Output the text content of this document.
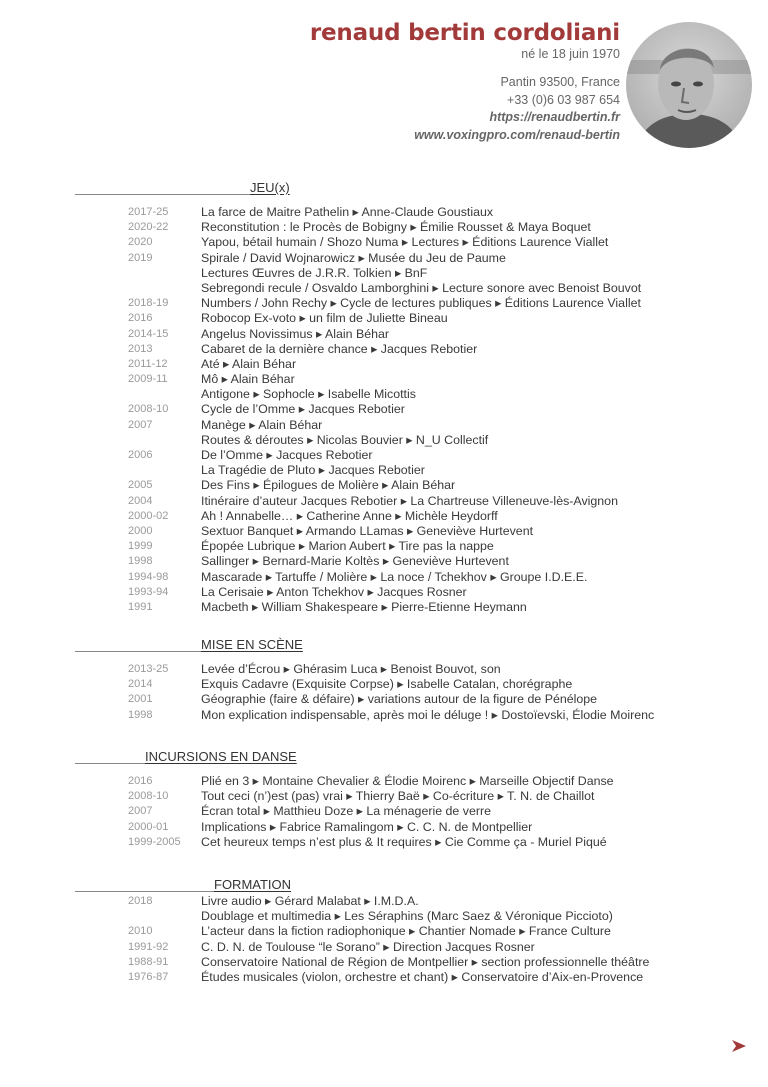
renaud bertin cordoliani
né le 18 juin 1970
Pantin 93500, France
+33 (0)6 03 987 654
https://renaudbertin.fr
www.voxingpro.com/renaud-bertin
JEU(x)
2017-25	La farce de Maitre Pathelin ▸ Anne-Claude Goustiaux
2020-22	Reconstitution : le Procès de Bobigny ▸ Émilie Rousset & Maya Boquet
2020	Yapou, bétail humain / Shozo Numa ▸ Lectures ▸ Éditions Laurence Viallet
2019	Spirale / David Wojnarowicz ▸ Musée du Jeu de Paume
Lectures Œuvres de J.R.R. Tolkien ▸ BnF
Sebregondi recule / Osvaldo Lamborghini ▸ Lecture sonore avec Benoist Bouvot
2018-19	Numbers / John Rechy ▸ Cycle de lectures publiques ▸ Éditions Laurence Viallet
2016	Robocop Ex-voto ▸ un film de Juliette Bineau
2014-15	Angelus Novissimus ▸ Alain Béhar
2013	Cabaret de la dernière chance ▸ Jacques Rebotier
2011-12	Até ▸ Alain Béhar
2009-11	Mô ▸ Alain Béhar
Antigone ▸ Sophocle ▸ Isabelle Micottis
2008-10	Cycle de l’Omme ▸ Jacques Rebotier
2007	Manège ▸ Alain Béhar
Routes & déroutes ▸ Nicolas Bouvier ▸ N_U Collectif
2006	De l’Omme ▸ Jacques Rebotier
La Tragédie de Pluto ▸ Jacques Rebotier
2005	Des Fins ▸ Épilogues de Molière ▸ Alain Béhar
2004	Itinéraire d’auteur Jacques Rebotier ▸ La Chartreuse Villeneuve-lès-Avignon
2000-02	Ah ! Annabelle… ▸ Catherine Anne ▸ Michèle Heydorff
2000	Sextuor Banquet ▸ Armando LLamas ▸ Geneviève Hurtevent
1999	Épopée Lubrique ▸ Marion Aubert ▸ Tire pas la nappe
1998	Sallinger ▸ Bernard-Marie Koltès ▸ Geneviève Hurtevent
1994-98	Mascarade ▸ Tartuffe / Molière ▸ La noce / Tchekhov ▸ Groupe I.D.E.E.
1993-94	La Cerisaie ▸ Anton Tchekhov ▸ Jacques Rosner
1991	Macbeth ▸ William Shakespeare ▸ Pierre-Etienne Heymann
MISE EN SCÈNE
2013-25	Levée d’Écrou ▸ Ghérasim Luca ▸ Benoist Bouvot, son
2014	Exquis Cadavre (Exquisite Corpse) ▸ Isabelle Catalan, chorégraphe
2001	Géographie (faire & défaire) ▸ variations autour de la figure de Pénélope
1998	Mon explication indispensable, après moi le déluge ! ▸ Dostoïevski, Élodie Moirenc
INCURSIONS EN DANSE
2016	Plié en 3 ▸ Montaine Chevalier & Élodie Moirenc ▸ Marseille Objectif Danse
2008-10	Tout ceci (n’)est (pas) vrai ▸ Thierry Baë ▸ Co-écriture ▸ T. N. de Chaillot
2007	Écran total ▸ Matthieu Doze ▸ La ménagerie de verre
2000-01	Implications ▸ Fabrice Ramalingom ▸ C. C. N. de Montpellier
1999-2005	Cet heureux temps n’est plus & It requires ▸ Cie Comme ça - Muriel Piqué
FORMATION
2018	Livre audio ▸ Gérard Malabat ▸ I.M.D.A.
Doublage et multimedia ▸ Les Séraphins (Marc Saez & Véronique Piccioto)
2010	L’acteur dans la fiction radiophonique ▸ Chantier Nomade ▸ France Culture
1991-92	C. D. N. de Toulouse “le Sorano” ▸ Direction Jacques Rosner
1988-91	Conservatoire National de Région de Montpellier ▸ section professionnelle théâtre
1976-87	Études musicales (violon, orchestre et chant) ▸ Conservatoire d’Aix-en-Provence
